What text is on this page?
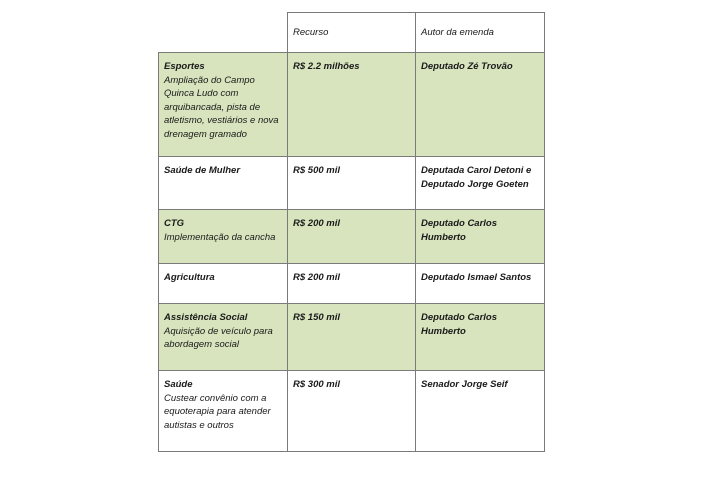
	Recurso	Autor da emenda

Esportes
Ampliação do Campo Quinca Ludo com arquibancada, pista de atletismo, vestiários e nova drenagem gramado	R$ 2.2 milhões	Deputado Zé Trovão

Saúde de Mulher	R$ 500 mil	Deputada Carol Detoni e Deputado Jorge Goeten

CTG
Implementação da cancha	R$ 200 mil	Deputado Carlos Humberto

Agricultura	R$ 200 mil	Deputado Ismael Santos

Assistência Social
Aquisição de veículo para abordagem social	R$ 150 mil	Deputado Carlos Humberto

Saúde
Custear convênio com a equoterapia para atender autistas e outros	R$ 300 mil	Senador Jorge Seif
